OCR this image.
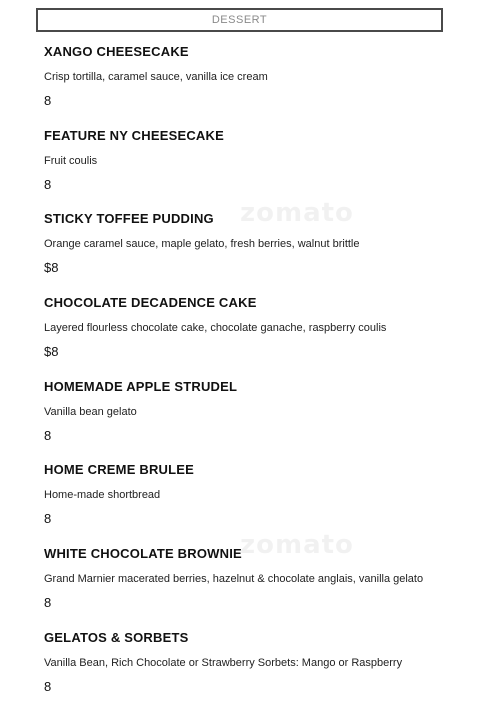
DESSERT
XANGO CHEESECAKE
Crisp tortilla, caramel sauce, vanilla ice cream
8
FEATURE NY CHEESECAKE
Fruit coulis
8
STICKY TOFFEE PUDDING
Orange caramel sauce, maple gelato, fresh berries, walnut brittle
$8
CHOCOLATE DECADENCE CAKE
Layered flourless chocolate cake, chocolate ganache, raspberry coulis
$8
HOMEMADE APPLE STRUDEL
Vanilla bean gelato
8
HOME CREME BRULEE
Home-made shortbread
8
WHITE CHOCOLATE BROWNIE
Grand Marnier macerated berries, hazelnut & chocolate anglais, vanilla gelato
8
GELATOS & SORBETS
Vanilla Bean, Rich Chocolate or Strawberry Sorbets: Mango or Raspberry
8
zomato
zomato
